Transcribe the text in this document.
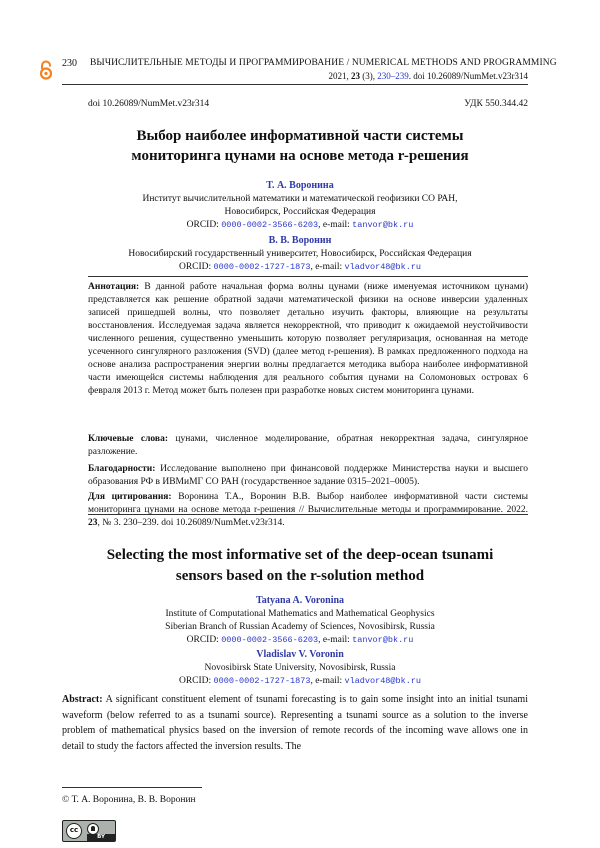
230 ВЫЧИСЛИТЕЛЬНЫЕ МЕТОДЫ И ПРОГРАММИРОВАНИЕ / NUMERICAL METHODS AND PROGRAMMING
2021, 23 (3), 230–239. doi 10.26089/NumMet.v23r314
doi 10.26089/NumMet.v23r314	УДК 550.344.42
Выбор наиболее информативной части системы
мониторинга цунами на основе метода r-решения
Т. А. Воронина
Институт вычислительной математики и математической геофизики СО РАН,
Новосибирск, Российская Федерация
ORCID: 0000-0002-3566-6203, e-mail: tanvor@bk.ru
В. В. Воронин
Новосибирский государственный университет, Новосибирск, Российская Федерация
ORCID: 0000-0002-1727-1873, e-mail: vladvor48@bk.ru
Аннотация: В данной работе начальная форма волны цунами (ниже именуемая источником цунами) представляется как решение обратной задачи математической физики на основе инверсии удаленных записей пришедшей волны, что позволяет детально изучить факторы, влияющие на результаты восстановления. Исследуемая задача является некорректной, что приводит к ожидаемой неустойчивости численного решения, существенно уменьшить которую позволяет регуляризация, основанная на методе усеченного сингулярного разложения (SVD) (далее метод r-решения). В рамках предложенного подхода на основе анализа распространения энергии волны предлагается методика выбора наиболее информативной части имеющейся системы наблюдения для реального события цунами на Соломоновых островах 6 февраля 2013 г. Метод может быть полезен при разработке новых систем мониторинга цунами.
Ключевые слова: цунами, численное моделирование, обратная некорректная задача, сингулярное разложение.
Благодарности: Исследование выполнено при финансовой поддержке Министерства науки и высшего образования РФ в ИВМиМГ СО РАН (государственное задание 0315–2021–0005).
Для цитирования: Воронина Т.А., Воронин В.В. Выбор наиболее информативной части системы мониторинга цунами на основе метода r-решения // Вычислительные методы и программирование. 2022. 23, № 3. 230–239. doi 10.26089/NumMet.v23r314.
Selecting the most informative set of the deep-ocean tsunami
sensors based on the r-solution method
Tatyana A. Voronina
Institute of Computational Mathematics and Mathematical Geophysics
Siberian Branch of Russian Academy of Sciences, Novosibirsk, Russia
ORCID: 0000-0002-3566-6203, e-mail: tanvor@bk.ru
Vladislav V. Voronin
Novosibirsk State University, Novosibirsk, Russia
ORCID: 0000-0002-1727-1873, e-mail: vladvor48@bk.ru
Abstract: A significant constituent element of tsunami forecasting is to gain some insight into an initial tsunami waveform (below referred to as a tsunami source). Representing a tsunami source as a solution to the inverse problem of mathematical physics based on the inversion of remote records of the incoming wave allows one in detail to study the factors affected the inversion results. The
© Т. А. Воронина, В. В. Воронин
cc
BY
